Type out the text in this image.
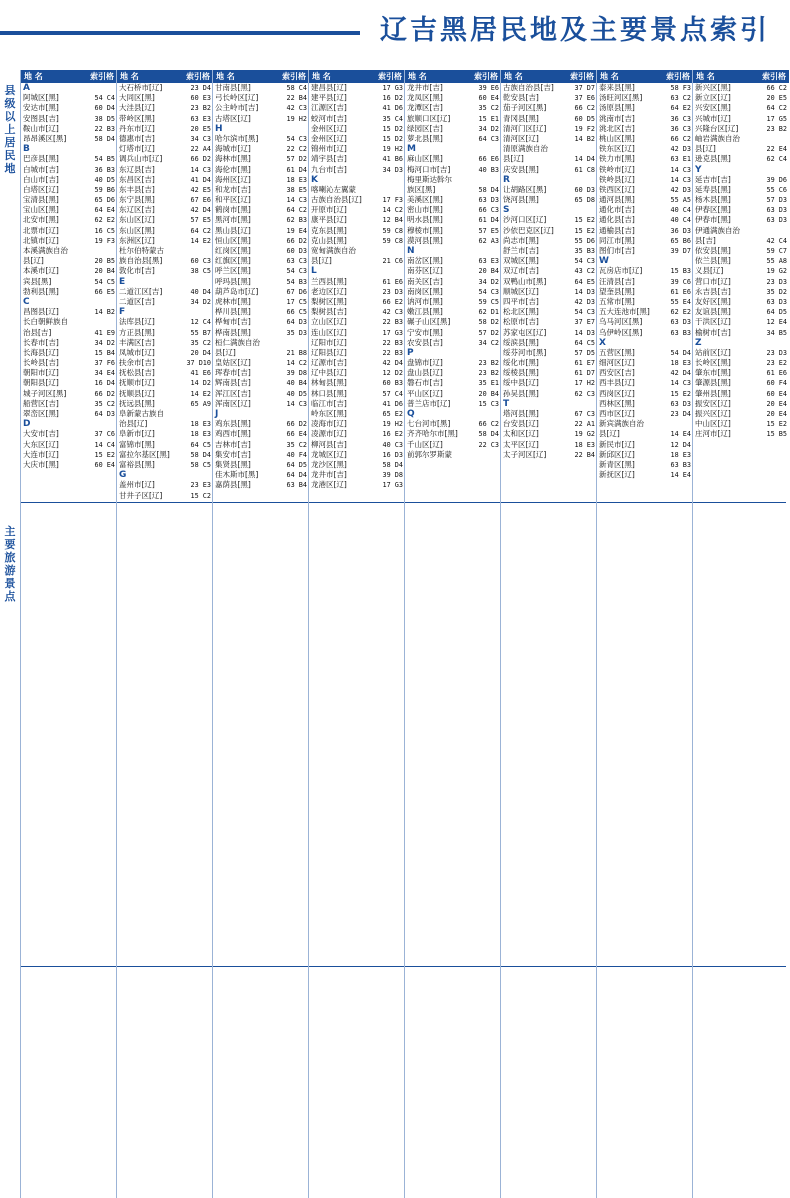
辽吉黑居民地及主要景点索引
县级以上居民地
主要旅游景点
地 名	索引格
A
阿城区[黑]	54 C4
安达市[黑]	60 D4
安图县[吉]	38 D5
鞍山市[辽]	22 B3
昂昂溪区[黑]	58 D4
B
巴彦县[黑]	54 B5
白城市[吉]	36 B3
白山市[吉]	40 D5
白塔区[辽]	59 B6
宝清县[黑]	65 D6
宝山区[黑]	64 E4
北安市[黑]	62 E2
北票市[辽]	16 C5
北镇市[辽]	19 F3
本溪满族自治
县[辽]	20 B5
本溪市[辽]	20 B4
宾县[黑]	54 C5
勃利县[黑]	66 E5
C
昌图县[辽]	14 B2
长白朝鲜族自
治县[吉]	41 E9
长春市[吉]	34 D2
长海县[辽]	15 B4
长岭县[吉]	37 F6
朝阳市[辽]	34 E4
朝阳县[辽]	16 D4
城子河区[黑]	66 D2
船营区[吉]	35 C2
翠峦区[黑]	64 D3
D
大安市[吉]	37 C6
大东区[辽]	14 C4
大连市[辽]	15 E2
大庆市[黑]	60 E4
地 名	索引格
大石桥市[辽]	23 D4
大同区[黑]	60 E3
大洼县[辽]	23 B2
带岭区[黑]	63 E3
丹东市[辽]	20 E5
德惠市[吉]	34 C3
灯塔市[辽]	22 A4
调兵山市[辽]	66 D2
东辽县[吉]	14 C3
东昌区[吉]	41 D4
东丰县[吉]	42 E5
东宁县[黑]	67 E6
东辽区[吉]	42 D4
东山区[辽]	57 E5
东山区[黑]	64 C2
东洲区[辽]	14 E2
杜尔伯特蒙古
族自治县[黑]	60 C3
敦化市[吉]	38 C5
E
二道江区[吉]	40 D4
二道区[吉]	34 D2
F
法库县[辽]	12 C4
方正县[黑]	55 B7
丰满区[吉]	35 C2
凤城市[辽]	20 D4
扶余市[吉]	37 D10
抚松县[吉]	41 E6
抚顺市[辽]	14 D2
抚顺县[辽]	14 E2
抚远县[黑]	65 A9
阜新蒙古族自
治县[辽]	18 E3
阜新市[辽]	18 E3
富锦市[黑]	64 C5
富拉尔基区[黑]	58 D4
富裕县[黑]	58 C5
G
盖州市[辽]	23 E3
甘井子区[辽]	15 C2
地 名	索引格
甘南县[黑]	58 C4
弓长岭区[辽]	22 B4
公主岭市[吉]	42 C3
古塔区[辽]	19 H2
H
哈尔滨市[黑]	54 C3
海城市[辽]	22 C2
海林市[黑]	57 D2
海伦市[黑]	61 D4
海州区[辽]	18 E3
和龙市[吉]	38 E5
和平区[辽]	14 C3
鹤岗市[黑]	64 C2
黑河市[黑]	62 B3
黑山县[辽]	19 E4
恒山区[黑]	66 D2
红岗区[黑]	60 D3
红旗区[黑]	63 C3
呼兰区[黑]	54 C3
呼玛县[黑]	54 B3
葫芦岛市[辽]	67 D6
虎林市[黑]	17 C5
桦川县[黑]	66 C5
桦甸市[吉]	64 D3
桦南县[黑]	35 D3
桓仁满族自治
县[辽]	21 B8
皇姑区[辽]	14 C2
珲春市[吉]	39 D8
辉南县[吉]	40 B4
浑江区[吉]	40 D5
浑南区[辽]	14 C3
J
鸡东县[黑]	66 D2
鸡西市[黑]	66 E4
吉林市[吉]	35 C2
集安市[吉]	40 F4
集贤县[黑]	64 D5
佳木斯市[黑]	64 D4
嘉荫县[黑]	63 B4
地 名	索引格
建昌县[辽]	17 G3
建平县[辽]	16 D2
江源区[吉]	41 D6
蛟河市[吉]	35 C4
金州区[辽]	15 D2
金州区[辽]	15 D2
锦州市[辽]	19 H2
靖宇县[吉]	41 B6
九台市[吉]	34 D3
K
喀喇沁左翼蒙
古族自治县[辽]	17 F3
开原市[辽]	14 C2
康平县[辽]	12 B4
克东县[黑]	59 C8
克山县[黑]	59 C8
宽甸满族自治
县[辽]	21 C6
L
兰西县[黑]	61 E6
老边区[辽]	23 D3
梨树区[黑]	66 E2
梨树县[吉]	42 C3
立山区[辽]	22 B3
连山区[辽]	17 G3
辽阳市[辽]	22 B3
辽阳县[辽]	22 B3
辽源市[吉]	42 D4
辽中县[辽]	12 D2
林甸县[黑]	60 B3
林口县[黑]	57 C4
临江市[吉]	41 D6
岭东区[黑]	65 E2
凌海市[辽]	19 H2
凌源市[辽]	16 E2
柳河县[吉]	40 C3
龙城区[辽]	16 D3
龙沙区[黑]	58 D4
龙井市[吉]	39 D8
龙港区[辽]	17 G3
地 名	索引格
龙井市[吉]	39 E6
龙凤区[黑]	60 E4
龙潭区[吉]	35 C2
旅顺口区[辽]	15 E1
绿园区[吉]	34 D2
萝北县[黑]	64 C3
M
麻山区[黑]	66 E6
梅河口市[吉]	40 B3
梅里斯达斡尔
族区[黑]	58 D4
美溪区[黑]	63 D3
密山市[黑]	66 C3
明水县[黑]	61 D4
穆棱市[黑]	57 E5
漠河县[黑]	62 A3
N
南岔区[黑]	63 E3
南芬区[辽]	20 B4
南关区[吉]	34 D2
南岗区[黑]	54 C3
讷河市[黑]	59 C5
嫩江县[黑]	62 D1
碾子山区[黑]	58 D2
宁安市[黑]	57 D2
农安县[吉]	34 C2
P
盘锦市[辽]	23 B2
盘山县[辽]	23 B2
磐石市[吉]	35 E1
平山区[辽]	20 B4
普兰店市[辽]	15 C3
Q
七台河市[黑]	66 C2
齐齐哈尔市[黑]	58 D4
千山区[辽]	22 C3
前郭尔罗斯蒙
地 名	索引格
古族自治县[吉]	37 D7
乾安县[吉]	37 E6
茄子河区[黑]	66 C2
青冈县[黑]	60 D5
清河门区[辽]	19 F2
清河区[辽]	14 B2
清原满族自治
县[辽]	14 D4
庆安县[黑]	61 C8
R
让胡路区[黑]	60 D3
饶河县[黑]	65 D8
S
沙河口区[辽]	15 E2
沙依巴克区[辽]	15 E2
尚志市[黑]	55 D6
舒兰市[吉]	35 B3
双城区[黑]	54 C3
双辽市[吉]	43 C2
双鸭山市[黑]	64 E5
顺城区[辽]	14 D3
四平市[吉]	42 D3
松北区[黑]	54 C3
松原市[吉]	37 E7
苏家屯区[辽]	14 D3
绥滨县[黑]	64 C5
绥芬河市[黑]	57 D5
绥化市[黑]	61 E7
绥棱县[黑]	61 D7
绥中县[辽]	17 H2
孙吴县[黑]	62 C3
T
塔河县[黑]	67 C3
台安县[辽]	22 A1
太和区[辽]	19 G2
太平区[辽]	18 E3
太子河区[辽]	22 B4
地 名	索引格
泰来县[黑]	58 F3
汤旺河区[黑]	63 C2
汤原县[黑]	64 E2
洮南市[吉]	36 C3
洮北区[吉]	36 C3
桃山区[黑]	66 C2
铁东区[辽]	42 D3
铁力市[黑]	63 E1
铁岭市[辽]	14 C3
铁岭县[辽]	14 C3
铁西区[辽]	42 D3
通河县[黑]	55 A5
通化市[吉]	40 C4
通化县[吉]	40 C4
通榆县[吉]	36 D3
同江市[黑]	65 B6
图们市[吉]	39 D7
W
瓦房店市[辽]	15 B3
汪清县[吉]	39 C6
望奎县[黑]	61 E6
五常市[黑]	55 E4
五大连池市[黑]	62 E2
乌马河区[黑]	63 D3
乌伊岭区[黑]	63 B3
X
五营区[黑]	54 D4
细河区[辽]	18 E3
西安区[吉]	42 D4
西丰县[辽]	14 C3
西岗区[辽]	15 E2
西林区[黑]	63 D3
西市区[辽]	23 D4
新宾满族自治
县[辽]	14 E4
新民市[辽]	12 D4
新邱区[辽]	18 E3
新青区[黑]	63 B3
新抚区[辽]	14 E4
地 名	索引格
新兴区[黑]	66 C2
新立区[辽]	20 E5
兴安区[黑]	64 C2
兴城市[辽]	17 G5
兴隆台区[辽]	23 B2
岫岩满族自治
县[辽]	22 E4
逊克县[黑]	62 C4
Y
延吉市[吉]	39 D6
延寿县[黑]	55 C6
杨木县[黑]	57 D3
伊春区[黑]	63 D3
伊春市[黑]	63 D3
伊通满族自治
县[吉]	42 C4
依安县[黑]	59 C7
依兰县[黑]	55 A8
义县[辽]	19 G2
营口市[辽]	23 D3
永吉县[吉]	35 D2
友好区[黑]	63 D3
友谊县[黑]	64 D5
于洪区[辽]	12 E4
榆树市[吉]	34 B5
Z
站前区[辽]	23 D3
长岭区[黑]	23 E2
肇东市[黑]	61 E6
肇源县[黑]	60 F4
肇州县[黑]	60 E4
振安区[辽]	20 E4
振兴区[辽]	20 E4
中山区[辽]	15 E2
庄河市[辽]	15 B5
